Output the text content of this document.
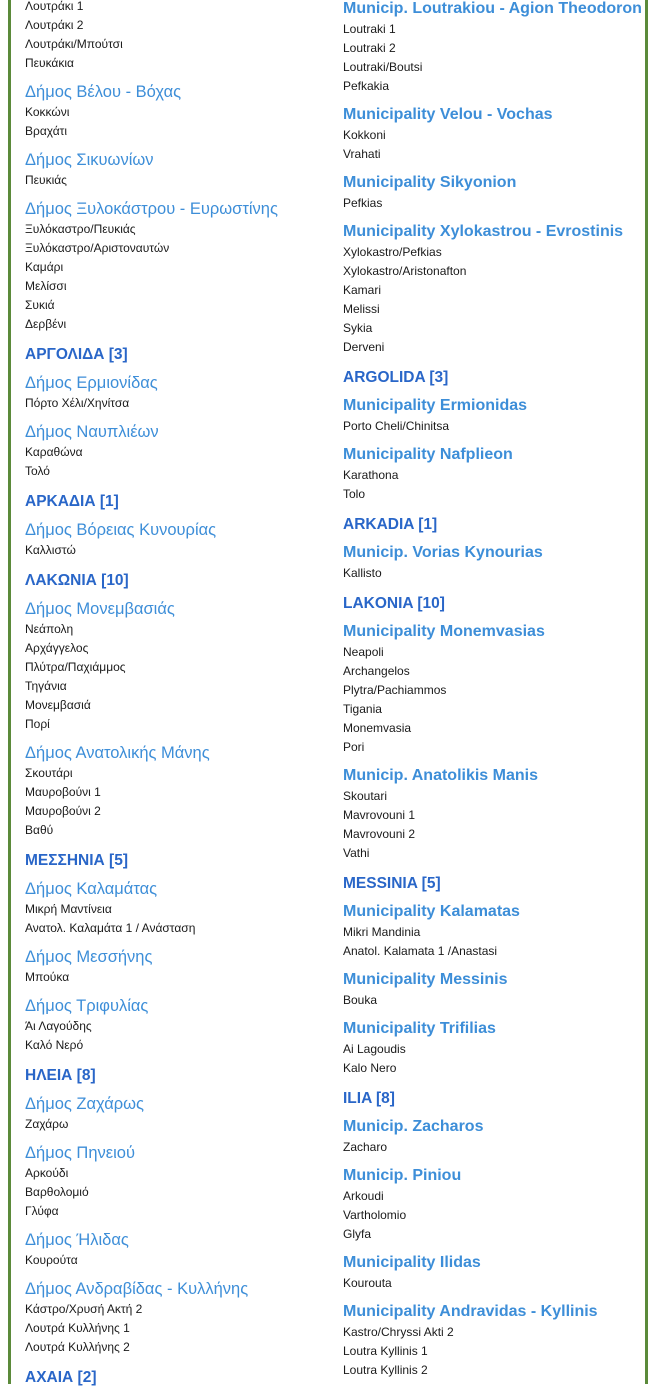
Λουτράκι 1
Λουτράκι 2
Λουτράκι/Μπούτσι
Πευκάκια
Δήμος Βέλου - Βόχας
Κοκκώνι
Βραχάτι
Δήμος Σικυωνίων
Πευκιάς
Δήμος Ξυλοκάστρου - Ευρωστίνης
Ξυλόκαστρο/Πευκιάς
Ξυλόκαστρο/Αριστοναυτών
Καμάρι
Μελίσσι
Συκιά
Δερβένι
ΑΡΓΟΛΙΔΑ [3]
Δήμος Ερμιονίδας
Πόρτο Χέλι/Χηνίτσα
Δήμος Ναυπλιέων
Καραθώνα
Τολό
ΑΡΚΑΔΙΑ [1]
Δήμος Βόρειας Κυνουρίας
Καλλιστώ
ΛΑΚΩΝΙΑ [10]
Δήμος Μονεμβασιάς
Νεάπολη
Αρχάγγελος
Πλύτρα/Παχιάμμος
Τηγάνια
Μονεμβασιά
Πορί
Δήμος Ανατολικής Μάνης
Σκουτάρι
Μαυροβούνι 1
Μαυροβούνι 2
Βαθύ
ΜΕΣΣΗΝΙΑ [5]
Δήμος Καλαμάτας
Μικρή Μαντίνεια
Ανατολ. Καλαμάτα 1 / Ανάσταση
Δήμος Μεσσήνης
Μπούκα
Δήμος Τριφυλίας
Άι Λαγούδης
Καλό Νερό
ΗΛΕΙΑ [8]
Δήμος Ζαχάρως
Ζαχάρω
Δήμος Πηνειού
Αρκούδι
Βαρθολομιό
Γλύφα
Δήμος Ήλιδας
Κουρούτα
Δήμος Ανδραβίδας - Κυλλήνης
Κάστρο/Χρυσή Ακτή 2
Λουτρά Κυλλήνης 1
Λουτρά Κυλλήνης 2
ΑΧΑΙΑ [2]
Municip. Loutrakiou - Agion Theodoron
Loutraki 1
Loutraki 2
Loutraki/Boutsi
Pefkakia
Municipality Velou - Vochas
Kokkoni
Vrahati
Municipality Sikyonion
Pefkias
Municipality Xylokastrou - Evrostinis
Xylokastro/Pefkias
Xylokastro/Aristonafton
Kamari
Melissi
Sykia
Derveni
ARGOLIDA [3]
Municipality Ermionidas
Porto Cheli/Chinitsa
Municipality Nafplieon
Karathona
Tolo
ARKADIA [1]
Municip. Vorias Kynourias
Kallisto
LAKONIA [10]
Municipality Monemvasias
Neapoli
Archangelos
Plytra/Pachiammos
Tigania
Monemvasia
Pori
Municip. Anatolikis Manis
Skoutari
Mavrovouni 1
Mavrovouni 2
Vathi
MESSINIA [5]
Municipality Kalamatas
Mikri Mandinia
Anatol. Kalamata 1 /Anastasi
Municipality Messinis
Bouka
Municipality Trifilias
Ai Lagoudis
Kalo Nero
ILIA [8]
Municip. Zacharos
Zacharo
Municip. Piniou
Arkoudi
Vartholomio
Glyfa
Municipality Ilidas
Kourouta
Municipality Andravidas - Kyllinis
Kastro/Chryssi Akti 2
Loutra Kyllinis 1
Loutra Kyllinis 2
